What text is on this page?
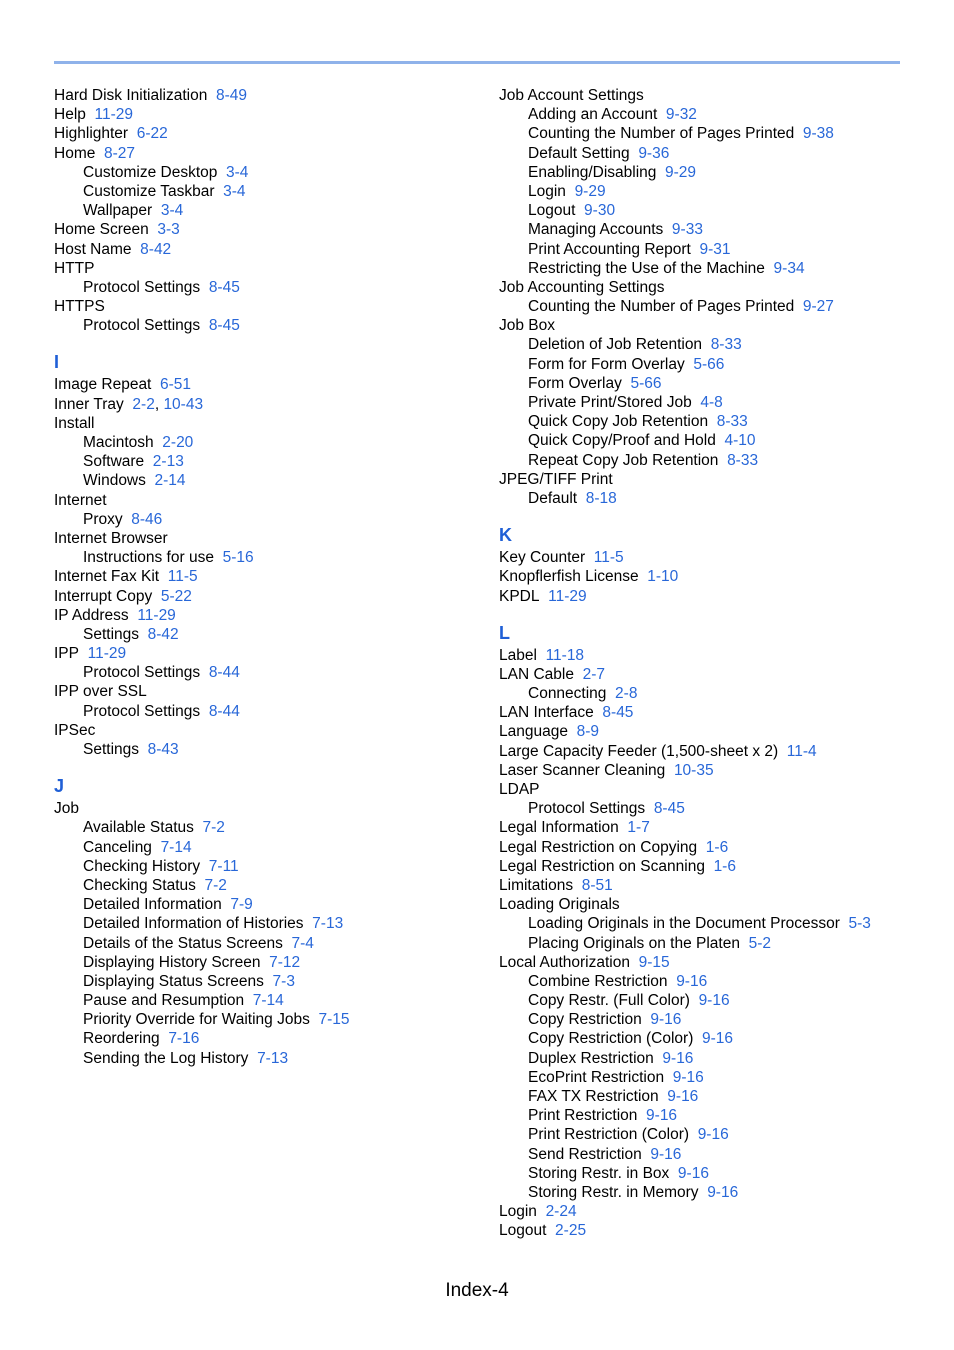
Hard Disk Initialization 8-49
Help 11-29
Highlighter 6-22
Home 8-27
Customize Desktop 3-4
Customize Taskbar 3-4
Wallpaper 3-4
Home Screen 3-3
Host Name 8-42
HTTP
Protocol Settings 8-45
HTTPS
Protocol Settings 8-45
I
Image Repeat 6-51
Inner Tray 2-2, 10-43
Install
Macintosh 2-20
Software 2-13
Windows 2-14
Internet
Proxy 8-46
Internet Browser
Instructions for use 5-16
Internet Fax Kit 11-5
Interrupt Copy 5-22
IP Address 11-29
Settings 8-42
IPP 11-29
Protocol Settings 8-44
IPP over SSL
Protocol Settings 8-44
IPSec
Settings 8-43
J
Job
Available Status 7-2
Canceling 7-14
Checking History 7-11
Checking Status 7-2
Detailed Information 7-9
Detailed Information of Histories 7-13
Details of the Status Screens 7-4
Displaying History Screen 7-12
Displaying Status Screens 7-3
Pause and Resumption 7-14
Priority Override for Waiting Jobs 7-15
Reordering 7-16
Sending the Log History 7-13
Job Account Settings
Adding an Account 9-32
Counting the Number of Pages Printed 9-38
Default Setting 9-36
Enabling/Disabling 9-29
Login 9-29
Logout 9-30
Managing Accounts 9-33
Print Accounting Report 9-31
Restricting the Use of the Machine 9-34
Job Accounting Settings
Counting the Number of Pages Printed 9-27
Job Box
Deletion of Job Retention 8-33
Form for Form Overlay 5-66
Form Overlay 5-66
Private Print/Stored Job 4-8
Quick Copy Job Retention 8-33
Quick Copy/Proof and Hold 4-10
Repeat Copy Job Retention 8-33
JPEG/TIFF Print
Default 8-18
K
Key Counter 11-5
Knopflerfish License 1-10
KPDL 11-29
L
Label 11-18
LAN Cable 2-7
Connecting 2-8
LAN Interface 8-45
Language 8-9
Large Capacity Feeder (1,500-sheet x 2) 11-4
Laser Scanner Cleaning 10-35
LDAP
Protocol Settings 8-45
Legal Information 1-7
Legal Restriction on Copying 1-6
Legal Restriction on Scanning 1-6
Limitations 8-51
Loading Originals
Loading Originals in the Document Processor 5-3
Placing Originals on the Platen 5-2
Local Authorization 9-15
Combine Restriction 9-16
Copy Restr. (Full Color) 9-16
Copy Restriction 9-16
Copy Restriction (Color) 9-16
Duplex Restriction 9-16
EcoPrint Restriction 9-16
FAX TX Restriction 9-16
Print Restriction 9-16
Print Restriction (Color) 9-16
Send Restriction 9-16
Storing Restr. in Box 9-16
Storing Restr. in Memory 9-16
Login 2-24
Logout 2-25
Index-4
